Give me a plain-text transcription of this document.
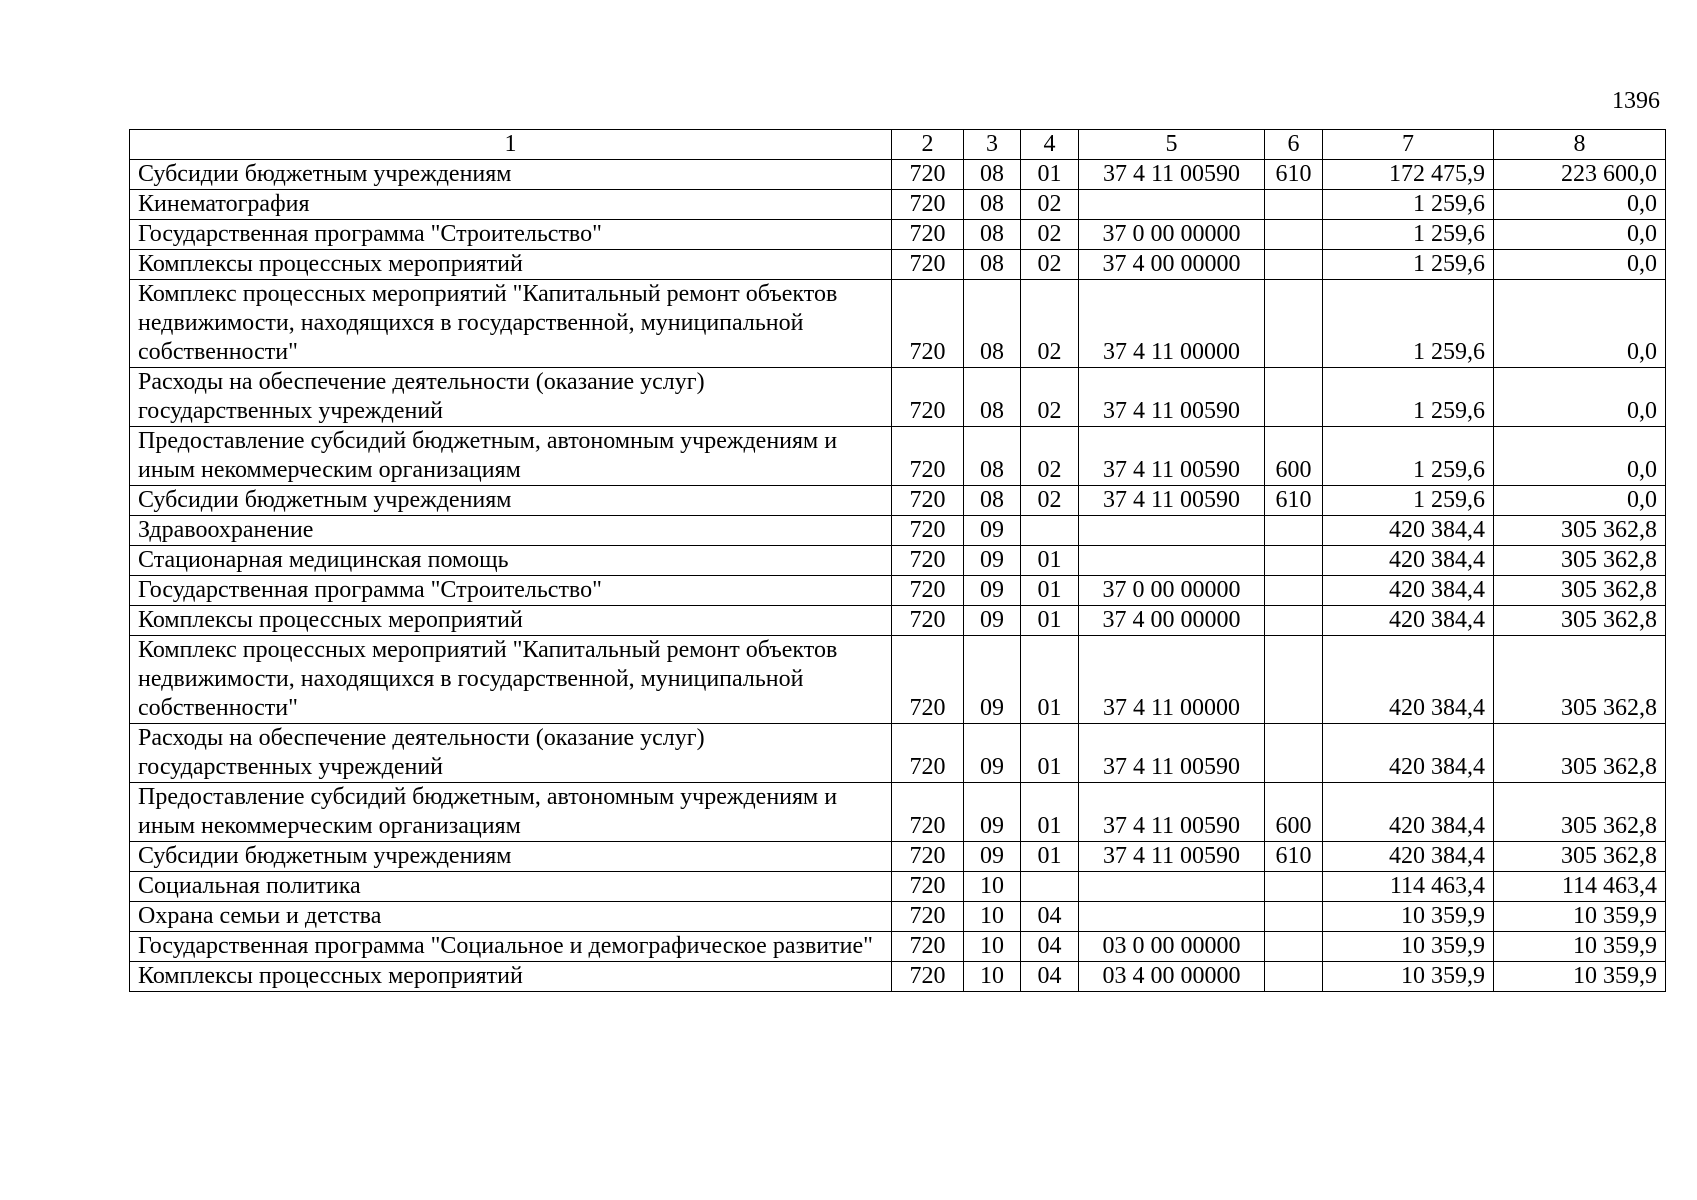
1396
1	2	3	4	5	6	7	8
Субсидии бюджетным учреждениям	720	08	01	37 4 11 00590	610	172 475,9	223 600,0
Кинематография	720	08	02			1 259,6	0,0
Государственная программа "Строительство"	720	08	02	37 0 00 00000		1 259,6	0,0
Комплексы процессных мероприятий	720	08	02	37 4 00 00000		1 259,6	0,0
Комплекс процессных мероприятий "Капитальный ремонт объектов недвижимости, находящихся в государственной, муниципальной собственности"	720	08	02	37 4 11 00000		1 259,6	0,0
Расходы на обеспечение деятельности (оказание услуг) государственных учреждений	720	08	02	37 4 11 00590		1 259,6	0,0
Предоставление субсидий бюджетным, автономным учреждениям и иным некоммерческим организациям	720	08	02	37 4 11 00590	600	1 259,6	0,0
Субсидии бюджетным учреждениям	720	08	02	37 4 11 00590	610	1 259,6	0,0
Здравоохранение	720	09				420 384,4	305 362,8
Стационарная медицинская помощь	720	09	01			420 384,4	305 362,8
Государственная программа "Строительство"	720	09	01	37 0 00 00000		420 384,4	305 362,8
Комплексы процессных мероприятий	720	09	01	37 4 00 00000		420 384,4	305 362,8
Комплекс процессных мероприятий "Капитальный ремонт объектов недвижимости, находящихся в государственной, муниципальной собственности"	720	09	01	37 4 11 00000		420 384,4	305 362,8
Расходы на обеспечение деятельности (оказание услуг) государственных учреждений	720	09	01	37 4 11 00590		420 384,4	305 362,8
Предоставление субсидий бюджетным, автономным учреждениям и иным некоммерческим организациям	720	09	01	37 4 11 00590	600	420 384,4	305 362,8
Субсидии бюджетным учреждениям	720	09	01	37 4 11 00590	610	420 384,4	305 362,8
Социальная политика	720	10				114 463,4	114 463,4
Охрана семьи и детства	720	10	04			10 359,9	10 359,9
Государственная программа "Социальное и демографическое развитие"	720	10	04	03 0 00 00000		10 359,9	10 359,9
Комплексы процессных мероприятий	720	10	04	03 4 00 00000		10 359,9	10 359,9
